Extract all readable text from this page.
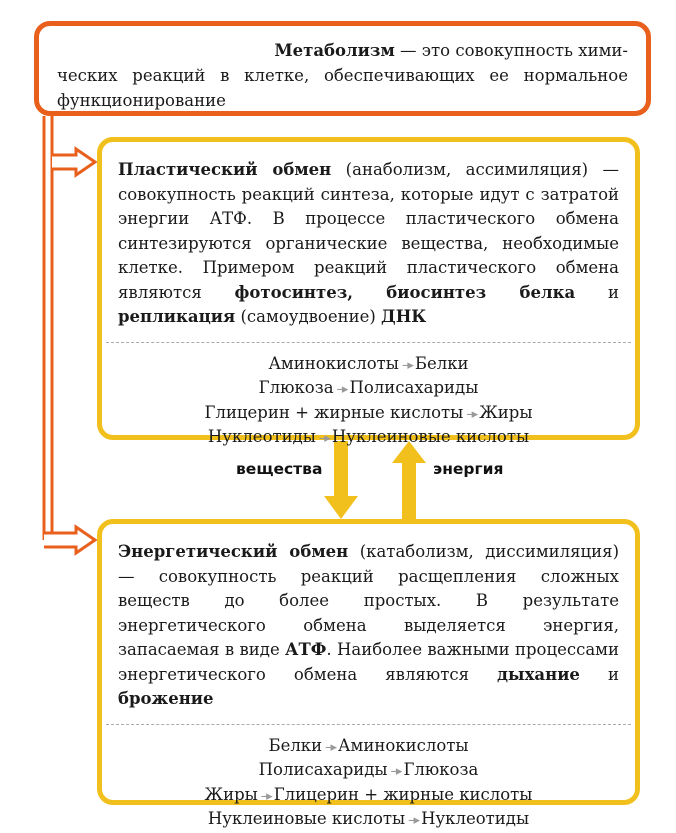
Метаболизм — это совокупность хими-
ческих реакций в клетке, обеспечивающих ее нормальное функционирование
Пластический обмен (анаболизм, ассимиляция) — совокупность реакций синтеза, которые идут с затратой энергии АТФ. В процессе пластического обмена синтезируются органические вещества, необходимые клетке. Примером реакций пластического обмена являются фотосинтез, биосинтез белка и репликация (самоудвоение) ДНК
Аминокислоты --▸ Белки
Глюкоза --▸ Полисахариды
Глицерин + жирные кислоты --▸ Жиры
Нуклеотиды --▸ Нуклеиновые кислоты
вещества	энергия
Энергетический обмен (катаболизм, диссимиляция) — совокупность реакций расщепления сложных веществ до более простых. В результате энергетического обмена выделяется энергия, запасаемая в виде АТФ. Наиболее важными процессами энергетического обмена являются дыхание и брожение
Белки --▸ Аминокислоты
Полисахариды --▸ Глюкоза
Жиры --▸ Глицерин + жирные кислоты
Нуклеиновые кислоты --▸ Нуклеотиды
